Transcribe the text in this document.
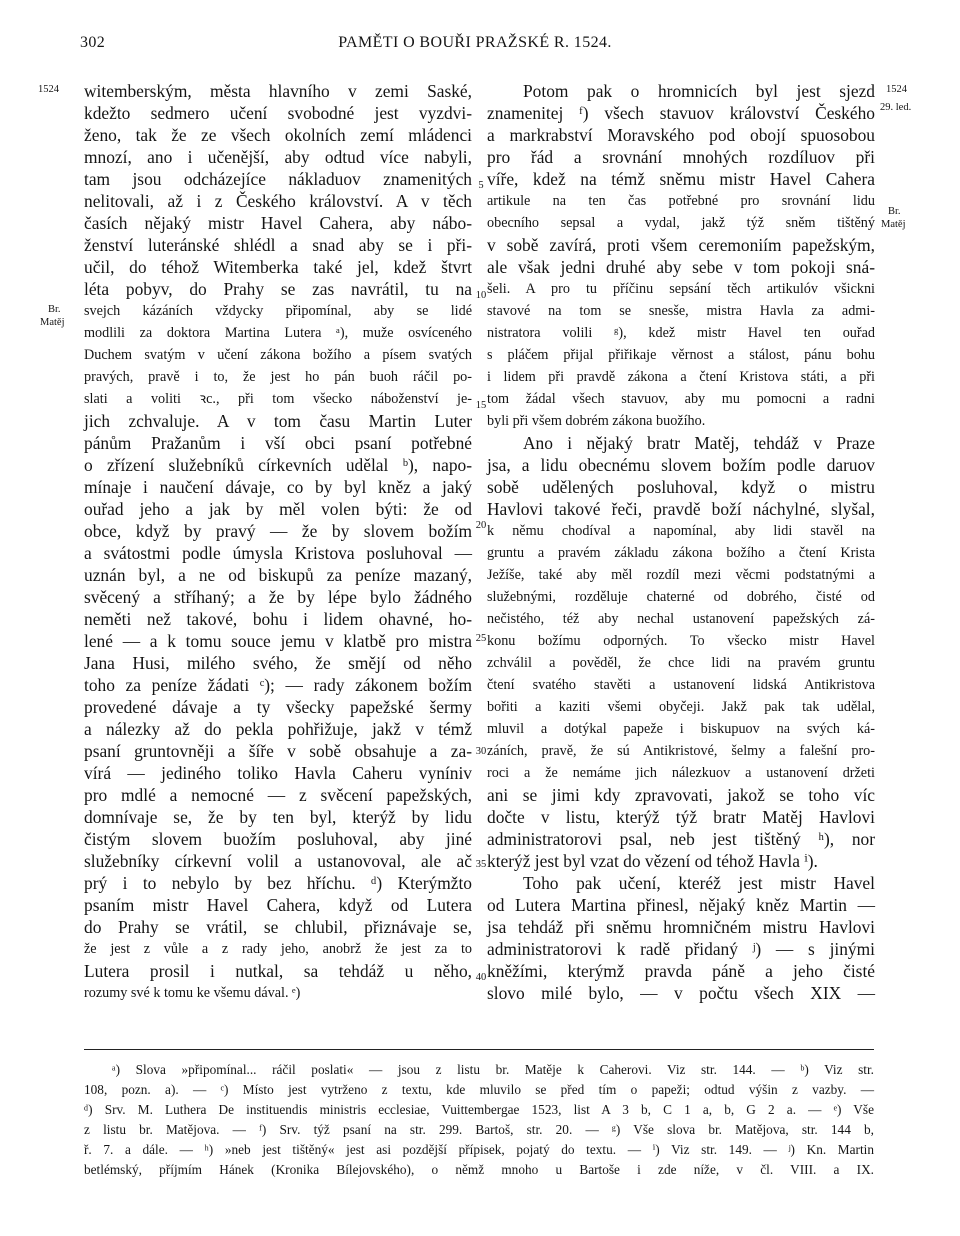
302	PAMĚTI O BOUŘI PRAŽSKÉ R. 1524.
1524
Br.
Matěj
1524
29. led.
Br.
Matěj
5
10
15
20
25
30
35
40
witemberským, města hlavního v zemi Saské,
kdežto sedmero učení svobodné jest vyzdvi-
ženo, tak že ze všech okolních zemí mládenci
mnozí, ano i učenější, aby odtud více nabyli,
tam jsou odcházejíce nákladuov znamenitých
nelitovali, až i z Českého království. A v těch
časích nějaký mistr Havel Cahera, aby nábo-
ženství luteránské shlédl a snad aby se i při-
učil, do téhož Witemberka také jel, kdež štvrt
léta pobyv, do Prahy se zas navrátil, tu na
svejch kázáních vždycky připomínal, aby se lidé
modlili za doktora Martina Lutera ᵃ), muže osvíceného
Duchem svatým v učení zákona božího a písem svatých
pravých, pravě i to, že jest ho pán buoh ráčil po-
slati a voliti ꝛc., při tom všecko náboženství je-
jich zchvaluje. A v tom času Martin Luter
pánům Pražanům i vší obci psaní potřebné
o zřízení služebníků církevních udělal ᵇ), napo-
mínaje i naučení dávaje, co by byl kněz a jaký
ouřad jeho a jak by měl volen býti: že od
obce, když by pravý — že by slovem božím
a svátostmi podle úmysla Kristova posluhoval —
uznán byl, a ne od biskupů za peníze mazaný,
svěcený a stříhaný; a že by lépe bylo žádného
neměti než takové, bohu i lidem ohavné, ho-
lené — a k tomu souce jemu v klatbě pro mistra
Jana Husi, milého svého, že smějí od něho
toho za peníze žádati ᶜ); — rady zákonem božím
provedené dávaje a ty všecky papežské šermy
a nálezky až do pekla pohřižuje, jakž v témž
psaní gruntovněji a šíře v sobě obsahuje a za-
vírá — jediného toliko Havla Caheru vyníniv
pro mdlé a nemocné — z svěcení papežských,
domnívaje se, že by ten byl, kterýž by lidu
čistým slovem buožím posluhoval, aby jiné
služebníky církevní volil a ustanovoval, ale ač
prý i to nebylo by bez hříchu. ᵈ) Kterýmžto
psaním mistr Havel Cahera, když od Lutera
do Prahy se vrátil, se chlubil, přiznávaje se,
že jest z vůle a z rady jeho, anobrž že jest za to
Lutera prosil i nutkal, sa tehdáž u něho,
rozumy své k tomu ke všemu dával. ᵉ)
Potom pak o hromnicích byl jest sjezd
znamenitej ᶠ) všech stavuov království Českého
a markrabství Moravského pod obojí spuosobou
pro řád a srovnání mnohých rozdíluov při
víře, kdež na témž sněmu mistr Havel Cahera
artikule na ten čas potřebné pro srovnání lidu
obecního sepsal a vydal, jakž týž sněm tištěný
v sobě zavírá, proti všem ceremoniím papežským,
ale však jedni druhé aby sebe v tom pokoji sná-
šeli. A pro tu příčinu sepsání těch artikulóv všickni
stavové na tom se snesše, mistra Havla za admi-
nistratora volili ᵍ), kdež mistr Havel ten ouřad
s pláčem přijal přiřikaje věrnost a stálost, pánu bohu
i lidem při pravdě zákona a čtení Kristova státi, a při
tom žádal všech stavuov, aby mu pomocni a radni
byli při všem dobrém zákona buožího.
Ano i nějaký bratr Matěj, tehdáž v Praze
jsa, a lidu obecnému slovem božím podle daruov
sobě udělených posluhoval, když o mistru
Havlovi takové řeči, pravdě boží náchylné, slyšal,
k němu chodíval a napomínal, aby lidi stavěl na
gruntu a pravém základu zákona božího a čtení Krista
Ježíše, také aby měl rozdíl mezi věcmi podstatnými a
služebnými, rozděluje chaterné od dobrého, čisté od
nečistého, též aby nechal ustanovení papežských zá-
konu božímu odporných. To všecko mistr Havel
zchválil a pověděl, že chce lidi na pravém gruntu
čtení svatého stavěti a ustanovení lidská Antikristova
bořiti a kaziti všemi obyčeji. Jakž pak tak udělal,
mluvil a dotýkal papeže i biskupuov na svých ká-
záních, pravě, že sú Antikristové, šelmy a falešní pro-
roci a že nemáme jich nálezkuov a ustanovení držeti
ani se jimi kdy zpravovati, jakož se toho víc
dočte v listu, kterýž týž bratr Matěj Havlovi
administratorovi psal, neb jest tištěný ʰ), nor
kterýž jest byl vzat do vězení od téhož Havla ⁱ).
Toho pak učení, kteréž jest mistr Havel
od Lutera Martina přinesl, nějaký kněz Martin —
jsa tehdáž při sněmu hromničném mistru Havlovi
administratorovi k radě přidaný ʲ) — s jinými
kněžími, kterýmž pravda páně a jeho čisté
slovo milé bylo, — v počtu všech XIX —
ᵃ) Slova »připomínal... ráčil poslati« — jsou z listu br. Matěje k Caherovi. Viz str. 144. — ᵇ) Viz str.
108, pozn. a). — ᶜ) Místo jest vytrženo z textu, kde mluvilo se před tím o papeži; odtud výšin z vazby. —
ᵈ) Srv. M. Luthera De instituendis ministris ecclesiae, Vuittembergae 1523, list A 3 b, C 1 a, b, G 2 a. — ᵉ) Vše
z listu br. Matějova. — ᶠ) Srv. týž psaní na str. 299. Bartoš, str. 20. — ᵍ) Vše slova br. Matějova, str. 144 b,
ř. 7. a dále. — ʰ) »neb jest tištěný« jest asi pozdější přípisek, pojatý do textu. — ⁱ) Viz str. 149. — ʲ) Kn. Martin
betlémský, příjmím Hánek (Kronika Bílejovského), o němž mnoho u Bartoše i zde níže, v čl. VIII. a IX.
